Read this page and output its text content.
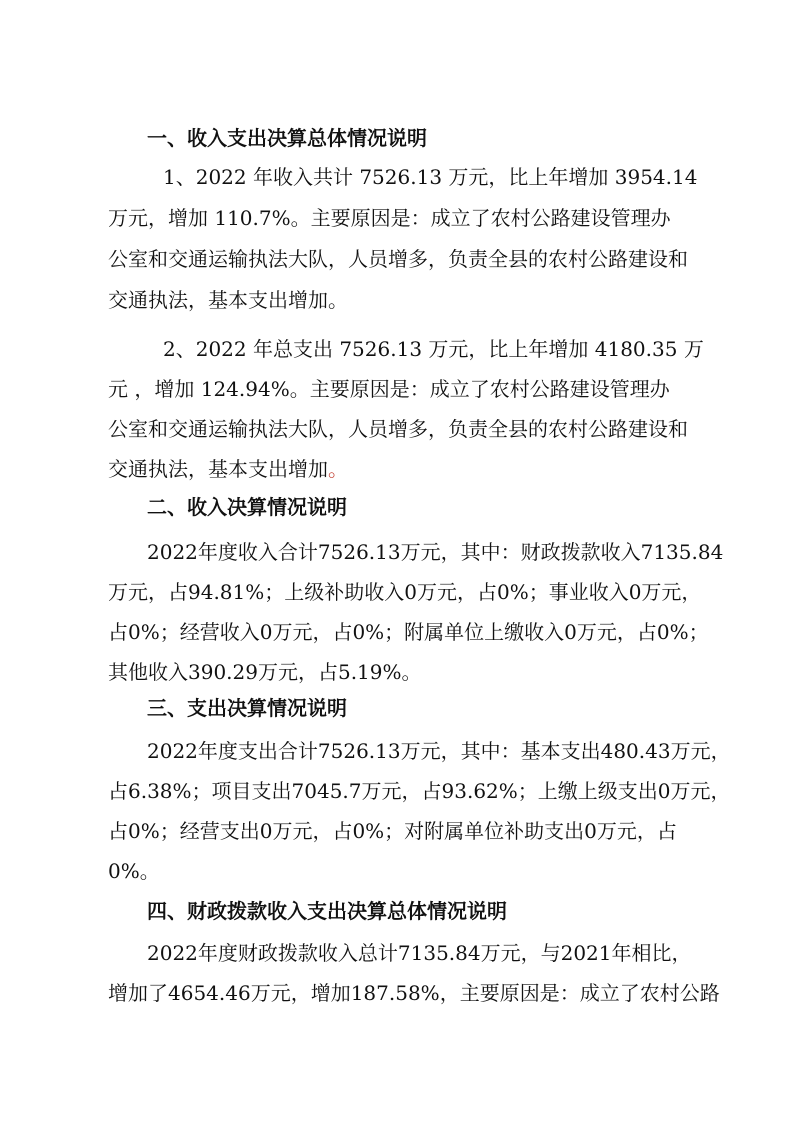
一、收入支出决算总体情况说明
1、2022 年收入共计 7526.13 万元，比上年增加 3954.14
万元，增加 110.7%。主要原因是：成立了农村公路建设管理办
公室和交通运输执法大队，人员增多，负责全县的农村公路建设和
交通执法，基本支出增加。
2、2022 年总支出 7526.13 万元，比上年增加 4180.35 万
元 ，增加 124.94%。主要原因是：成立了农村公路建设管理办
公室和交通运输执法大队，人员增多，负责全县的农村公路建设和
交通执法，基本支出增加。
二、收入决算情况说明
2022年度收入合计7526.13万元，其中：财政拨款收入7135.84
万元，占94.81%；上级补助收入0万元，占0%；事业收入0万元，
占0%；经营收入0万元，占0%；附属单位上缴收入0万元，占0%；
其他收入390.29万元，占5.19%。
三、支出决算情况说明
2022年度支出合计7526.13万元，其中：基本支出480.43万元，
占6.38%；项目支出7045.7万元，占93.62%；上缴上级支出0万元，
占0%；经营支出0万元，占0%；对附属单位补助支出0万元，占
0%。
四、财政拨款收入支出决算总体情况说明
2022年度财政拨款收入总计7135.84万元，与2021年相比，
增加了4654.46万元，增加187.58%，主要原因是：成立了农村公路
